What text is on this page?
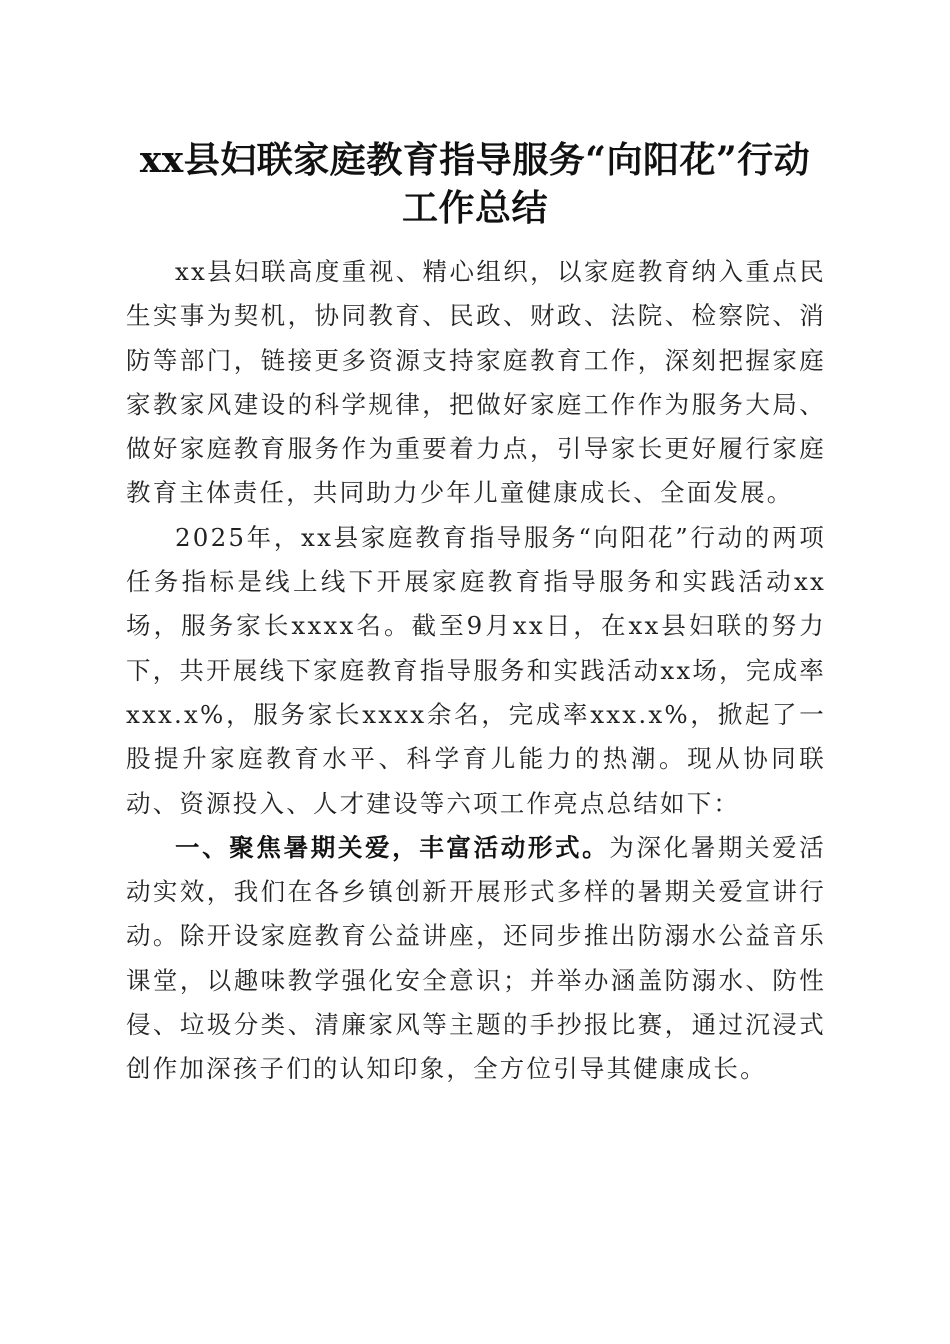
xx县妇联家庭教育指导服务“向阳花”行动
工作总结

xx县妇联高度重视、精心组织，以家庭教育纳入重点民生实事为契机，协同教育、民政、财政、法院、检察院、消防等部门，链接更多资源支持家庭教育工作，深刻把握家庭家教家风建设的科学规律，把做好家庭工作作为服务大局、做好家庭教育服务作为重要着力点，引导家长更好履行家庭教育主体责任，共同助力少年儿童健康成长、全面发展。

2025年，xx县家庭教育指导服务“向阳花”行动的两项任务指标是线上线下开展家庭教育指导服务和实践活动xx场，服务家长xxxx名。截至9月xx日，在xx县妇联的努力下，共开展线下家庭教育指导服务和实践活动xx场，完成率xxx.x%，服务家长xxxx余名，完成率xxx.x%，掀起了一股提升家庭教育水平、科学育儿能力的热潮。现从协同联动、资源投入、人才建设等六项工作亮点总结如下：

一、聚焦暑期关爱，丰富活动形式。为深化暑期关爱活动实效，我们在各乡镇创新开展形式多样的暑期关爱宣讲行动。除开设家庭教育公益讲座，还同步推出防溺水公益音乐课堂，以趣味教学强化安全意识；并举办涵盖防溺水、防性侵、垃圾分类、清廉家风等主题的手抄报比赛，通过沉浸式创作加深孩子们的认知印象，全方位引导其健康成长。
